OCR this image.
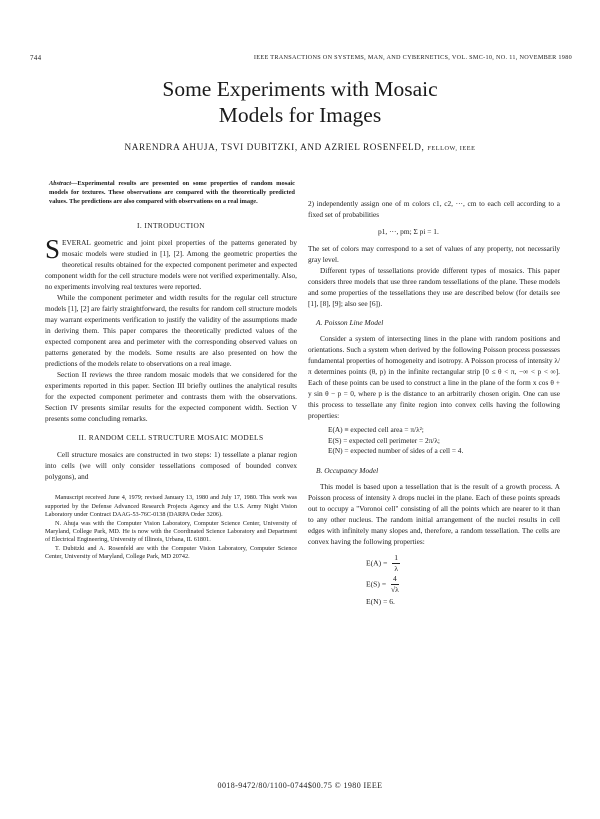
744	IEEE TRANSACTIONS ON SYSTEMS, MAN, AND CYBERNETICS, VOL. SMC-10, NO. 11, NOVEMBER 1980
Some Experiments with Mosaic
Models for Images
NARENDRA AHUJA, TSVI DUBITZKI, AND AZRIEL ROSENFELD, FELLOW, IEEE
Abstract—Experimental results are presented on some properties of random mosaic models for textures. These observations are compared with the theoretically predicted values. The predictions are also compared with observations on a real image.
I. INTRODUCTION

SEVERAL geometric and joint pixel properties of the patterns generated by mosaic models were studied in [1], [2]. Among the geometric properties the theoretical results obtained for the expected component perimeter and expected component width for the cell structure models were not verified experimentally. Also, no experiments involving real textures were reported.

While the component perimeter and width results for the regular cell structure models [1], [2] are fairly straightforward, the results for random cell structure models may warrant experiments verification to justify the validity of the assumptions made in deriving them. This paper compares the theoretically predicted values of the expected component area and perimeter with the corresponding observed values on patterns generated by the models. Some results are also presented on how the predictions of the models relate to observations on a real image.

Section II reviews the three random mosaic models that we considered for the experiments reported in this paper. Section III briefly outlines the analytical results for the expected component perimeter and contrasts them with the observations. Section IV presents similar results for the expected component width. Section V presents some concluding remarks.

II. RANDOM CELL STRUCTURE MOSAIC MODELS

Cell structure mosaics are constructed in two steps: 1) tessellate a planar region into cells (we will only consider tessellations composed of bounded convex polygons), and

Manuscript received June 4, 1979; revised January 13, 1980 and July 17, 1980. This work was supported by the Defense Advanced Research Projects Agency and the U.S. Army Night Vision Laboratory under Contract DAAG-53-76C-0138 (DARPA Order 3206).

N. Ahuja was with the Computer Vision Laboratory, Computer Science Center, University of Maryland, College Park, MD. He is now with the Coordinated Science Laboratory and Department of Electrical Engineering, University of Illinois, Urbana, IL 61801.

T. Dubitzki and A. Rosenfeld are with the Computer Vision Laboratory, Computer Science Center, University of Maryland, College Park, MD 20742.

2) independently assign one of m colors c1, c2, ···, cm to each cell according to a fixed set of probabilities

p1, ···, pm; Σ pi = 1.

The set of colors may correspond to a set of values of any property, not necessarily gray level.

Different types of tessellations provide different types of mosaics. This paper considers three models that use three random tessellations of the plane. These models and some properties of the tessellations they use are described below (for details see [1], [8], [9]; also see [6]).

A. Poisson Line Model

Consider a system of intersecting lines in the plane with random positions and orientations. Such a system when derived by the following Poisson process possesses fundamental properties of homogeneity and isotropy. A Poisson process of intensity λ/π determines points (θ, p) in the infinite rectangular strip [0 ≤ θ < π, −∞ < p < ∞]. Each of these points can be used to construct a line in the plane of the form x cos θ + y sin θ − p = 0, where p is the distance to an arbitrarily chosen origin. One can use this process to tessellate any finite region into convex cells having the following properties:

E(A) ≡ expected cell area = π/λ²;
E(S) = expected cell perimeter = 2π/λ;
E(N) = expected number of sides of a cell = 4.
B. Occupancy Model

This model is based upon a tessellation that is the result of a growth process. A Poisson process of intensity λ drops nuclei in the plane. Each of these points spreads out to occupy a "Voronoi cell" consisting of all the points which are nearer to it than to any other nucleus. The random initial arrangement of the nuclei results in cell edges with infinitely many slopes and, therefore, a random tessellation. The cells are convex having the following properties:

$E(A) = \frac{1}{\lambda}$
$E(S) = \frac{4}{√\lambda}$
E(N) = 6.
0018-9472/80/1100-0744$00.75 © 1980 IEEE
